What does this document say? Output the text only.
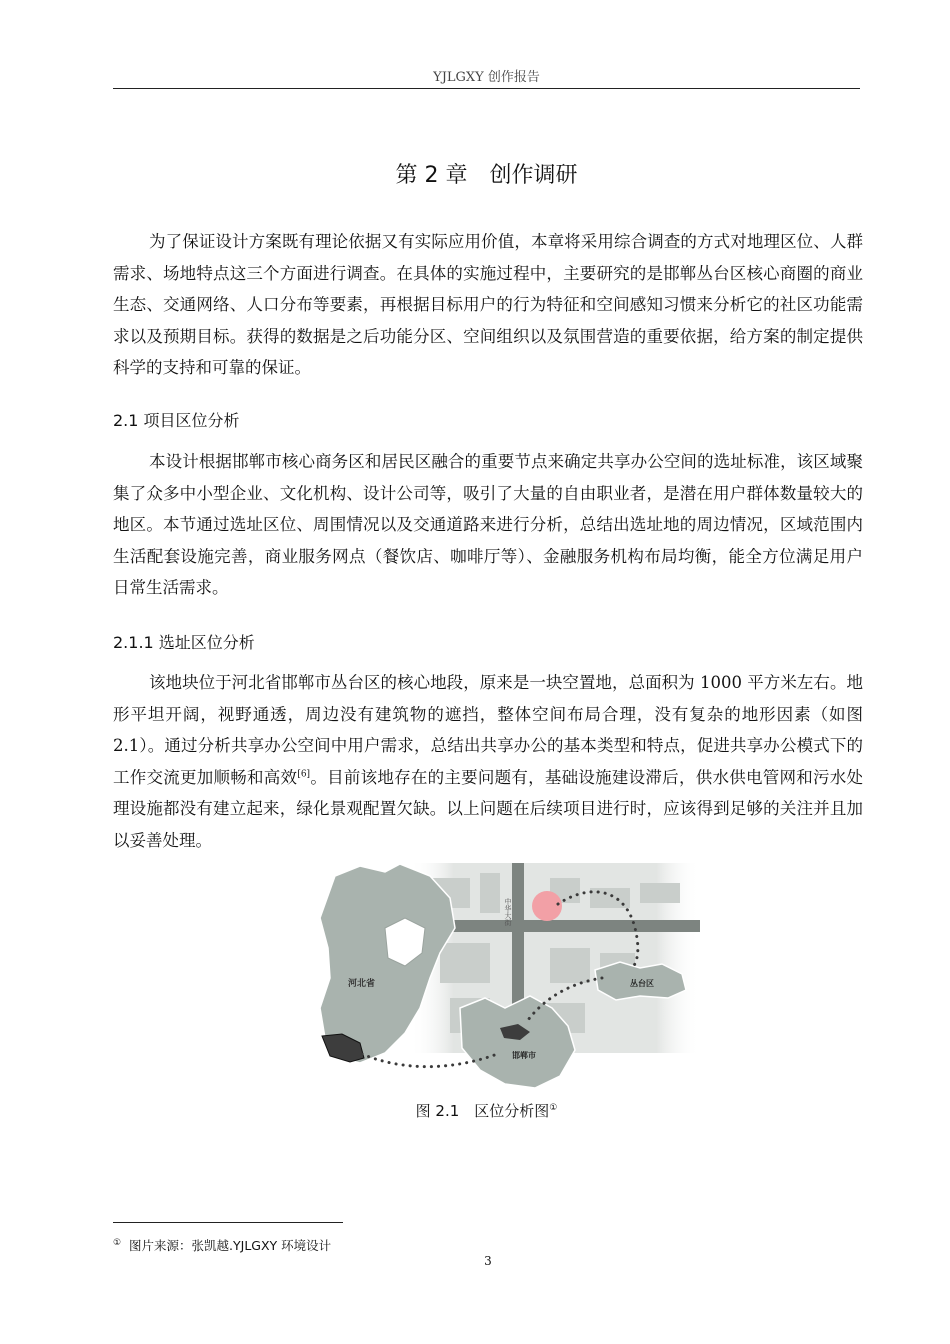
YJLGXY 创作报告
第 2 章　创作调研

为了保证设计方案既有理论依据又有实际应用价值，本章将采用综合调查的方式对地理区位、人群需求、场地特点这三个方面进行调查。在具体的实施过程中，主要研究的是邯郸丛台区核心商圈的商业生态、交通网络、人口分布等要素，再根据目标用户的行为特征和空间感知习惯来分析它的社区功能需求以及预期目标。获得的数据是之后功能分区、空间组织以及氛围营造的重要依据，给方案的制定提供科学的支持和可靠的保证。

2.1 项目区位分析

本设计根据邯郸市核心商务区和居民区融合的重要节点来确定共享办公空间的选址标准，该区域聚集了众多中小型企业、文化机构、设计公司等，吸引了大量的自由职业者，是潜在用户群体数量较大的地区。本节通过选址区位、周围情况以及交通道路来进行分析，总结出选址地的周边情况，区域范围内生活配套设施完善，商业服务网点（餐饮店、咖啡厅等）、金融服务机构布局均衡，能全方位满足用户日常生活需求。

2.1.1 选址区位分析

该地块位于河北省邯郸市丛台区的核心地段，原来是一块空置地，总面积为 1000 平方米左右。地形平坦开阔，视野通透，周边没有建筑物的遮挡，整体空间布局合理，没有复杂的地形因素（如图 2.1）。通过分析共享办公空间中用户需求，总结出共享办公的基本类型和特点，促进共享办公模式下的工作交流更加顺畅和高效[6]。目前该地存在的主要问题有，基础设施建设滞后，供水供电管网和污水处理设施都没有建立起来，绿化景观配置欠缺。以上问题在后续项目进行时，应该得到足够的关注并且加以妥善处理。

中华大街
河北省
邯郸市
丛台区
图 2.1　区位分析图①
① 图片来源：张凯越.YJLGXY 环境设计
3
